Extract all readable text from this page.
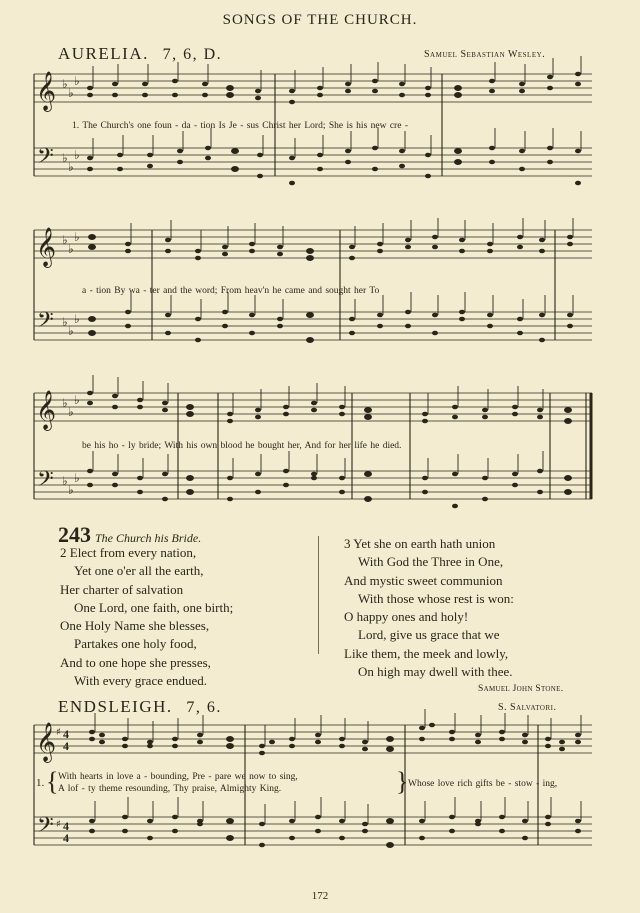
SONGS OF THE CHURCH.
AURELIA. 7, 6, D.	Samuel Sebastian Wesley.
𝄞
𝄢
♭
♭
♭
♭
♭
♭
1. The Church's one foun - da - tion Is Je - sus Christ her Lord; She is his new cre -
𝄞
𝄢
♭
♭
♭
♭
♭
♭
a - tion By wa - ter and the word; From heav'n he came and sought her To
𝄞
𝄢
♭
♭
♭
♭
♭
♭
be his ho - ly bride; With his own blood he bought her, And for her life he died.
243 The Church his Bride.
2 Elect from every nation,
Yet one o'er all the earth,
Her charter of salvation
One Lord, one faith, one birth;
One Holy Name she blesses,
Partakes one holy food,
And to one hope she presses,
With every grace endued.
3 Yet she on earth hath union
With God the Three in One,
And mystic sweet communion
With those whose rest is won:
O happy ones and holy!
Lord, give us grace that we
Like them, the meek and lowly,
On high may dwell with thee.
Samuel John Stone.
ENDSLEIGH. 7, 6.	S. Salvatori.
𝄞
𝄢
♯
♯
4
4
4
4
1. { With hearts in love a - bounding, Pre - pare we now to sing,
A lof - ty theme resounding, Thy praise, Almighty King.	} Whose love rich gifts be - stow - ing,
172
